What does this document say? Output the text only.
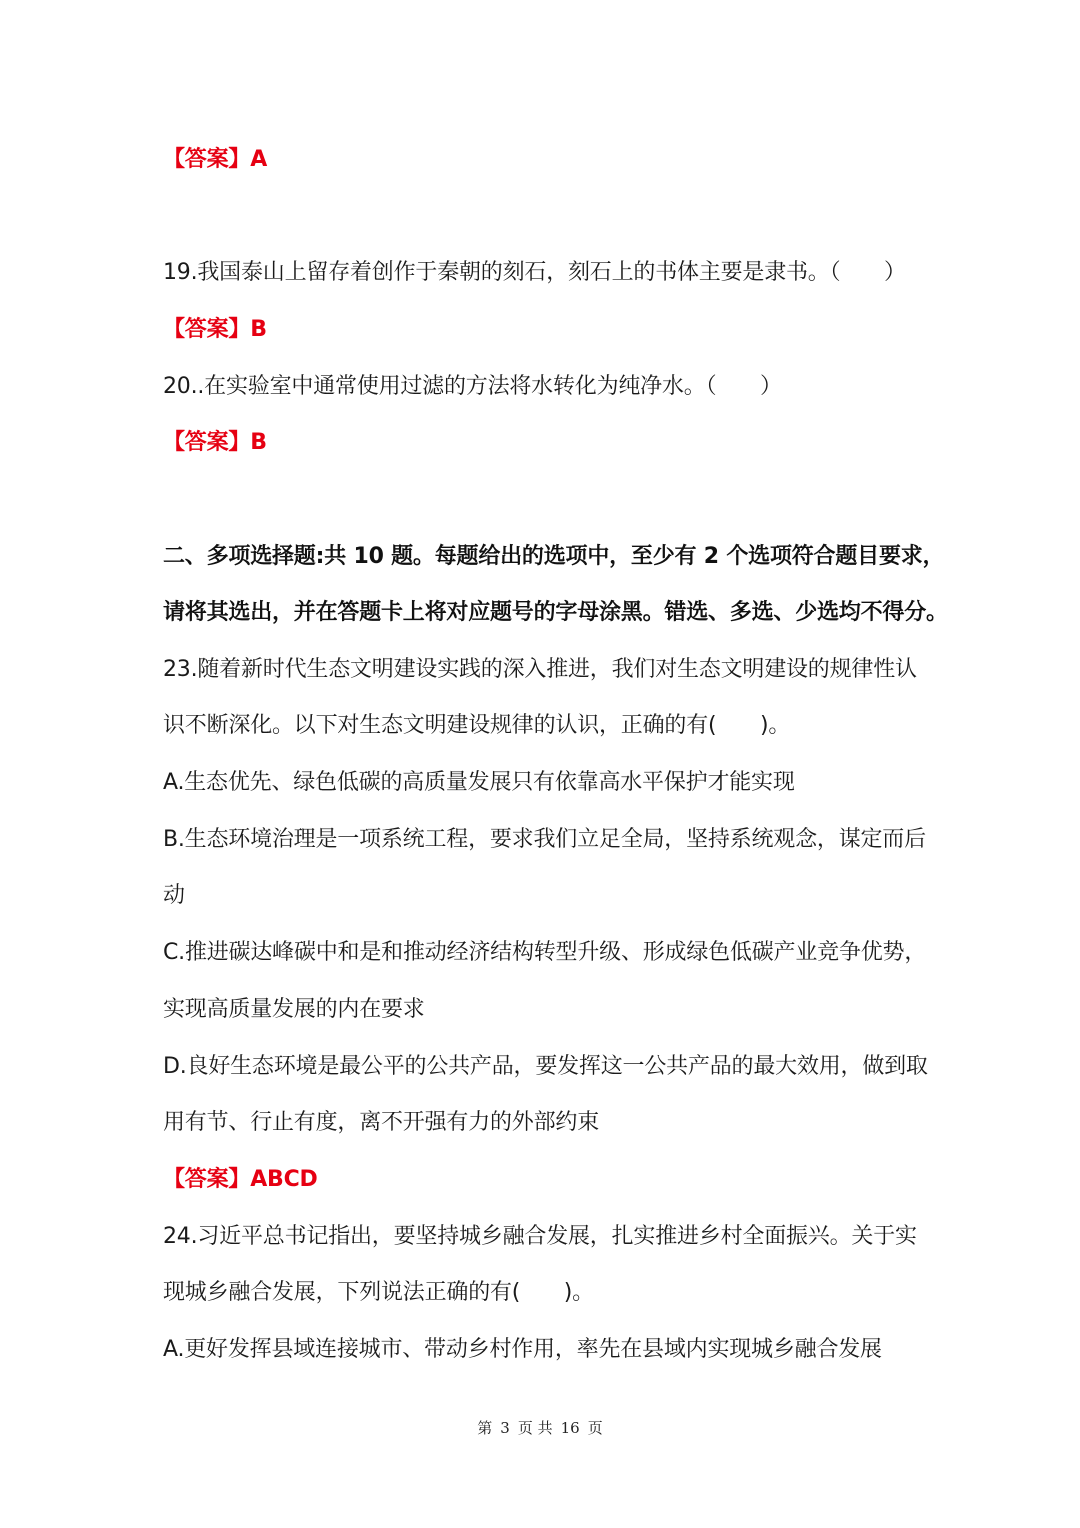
【答案】A
19.我国泰山上留存着创作于秦朝的刻石，刻石上的书体主要是隶书。（　　）
【答案】B
20..在实验室中通常使用过滤的方法将水转化为纯净水。（　　）
【答案】B
二、多项选择题:共 10 题。每题给出的选项中，至少有 2 个选项符合题目要求，
请将其选出，并在答题卡上将对应题号的字母涂黑。错选、多选、少选均不得分。
23.随着新时代生态文明建设实践的深入推进，我们对生态文明建设的规律性认
识不断深化。以下对生态文明建设规律的认识，正确的有(　　)。
A.生态优先、绿色低碳的高质量发展只有依靠高水平保护才能实现
B.生态环境治理是一项系统工程，要求我们立足全局，坚持系统观念，谋定而后
动
C.推进碳达峰碳中和是和推动经济结构转型升级、形成绿色低碳产业竞争优势，
实现高质量发展的内在要求
D.良好生态环境是最公平的公共产品，要发挥这一公共产品的最大效用，做到取
用有节、行止有度，离不开强有力的外部约束
【答案】ABCD
24.习近平总书记指出，要坚持城乡融合发展，扎实推进乡村全面振兴。关于实
现城乡融合发展，下列说法正确的有(　　)。
A.更好发挥县域连接城市、带动乡村作用，率先在县域内实现城乡融合发展
第 3 页 共 16 页
